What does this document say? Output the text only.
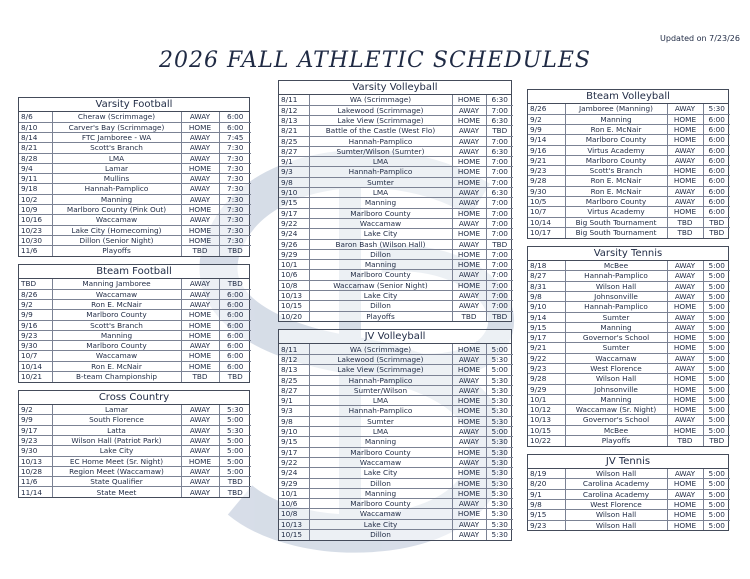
Updated on 7/23/26
2026 FALL ATHLETIC SCHEDULES
Varsity Football
8/6	Cheraw (Scrimmage)	AWAY	6:00
8/10	Carver's Bay (Scrimmage)	HOME	6:00
8/14	FTC Jamboree - WA	AWAY	7:45
8/21	Scott's Branch	AWAY	7:30
8/28	LMA	AWAY	7:30
9/4	Lamar	HOME	7:30
9/11	Mullins	AWAY	7:30
9/18	Hannah-Pamplico	AWAY	7:30
10/2	Manning	AWAY	7:30
10/9	Marlboro County (Pink Out)	HOME	7:30
10/16	Waccamaw	AWAY	7:30
10/23	Lake City (Homecoming)	HOME	7:30
10/30	Dillon (Senior Night)	HOME	7:30
11/6	Playoffs	TBD	TBD
Bteam Football
TBD	Manning Jamboree	AWAY	TBD
8/26	Waccamaw	AWAY	6:00
9/2	Ron E. McNair	AWAY	6:00
9/9	Marlboro County	HOME	6:00
9/16	Scott's Branch	HOME	6:00
9/23	Manning	HOME	6:00
9/30	Marlboro County	AWAY	6:00
10/7	Waccamaw	HOME	6:00
10/14	Ron E. McNair	HOME	6:00
10/21	B-team Championship	TBD	TBD
Cross Country
9/2	Lamar	AWAY	5:30
9/9	South Florence	AWAY	5:00
9/17	Latta	AWAY	5:30
9/23	Wilson Hall (Patriot Park)	AWAY	5:00
9/30	Lake City	AWAY	5:00
10/13	EC Home Meet (Sr. Night)	HOME	5:00
10/28	Region Meet (Waccamaw)	AWAY	5:00
11/6	State Qualifier	AWAY	TBD
11/14	State Meet	AWAY	TBD
Varsity Volleyball
8/11	WA (Scrimmage)	HOME	6:30
8/12	Lakewood (Scrimmage)	AWAY	7:00
8/13	Lake View (Scrimmage)	HOME	6:30
8/21	Battle of the Castle (West Flo)	AWAY	TBD
8/25	Hannah-Pamplico	AWAY	7:00
8/27	Sumter/Wilson (Sumter)	AWAY	6:30
9/1	LMA	HOME	7:00
9/3	Hannah-Pamplico	HOME	7:00
9/8	Sumter	HOME	7:00
9/10	LMA	AWAY	6:30
9/15	Manning	AWAY	7:00
9/17	Marlboro County	HOME	7:00
9/22	Waccamaw	AWAY	7:00
9/24	Lake City	HOME	7:00
9/26	Baron Bash (Wilson Hall)	AWAY	TBD
9/29	Dillon	HOME	7:00
10/1	Manning	HOME	7:00
10/6	Marlboro County	AWAY	7:00
10/8	Waccamaw (Senior Night)	HOME	7:00
10/13	Lake City	AWAY	7:00
10/15	Dillon	AWAY	7:00
10/20	Playoffs	TBD	TBD
JV Volleyball
8/11	WA (Scrimmage)	HOME	5:00
8/12	Lakewood (Scrimmage)	AWAY	5:30
8/13	Lake View (Scrimmage)	HOME	5:00
8/25	Hannah-Pamplico	AWAY	5:30
8/27	Sumter/Wilson	AWAY	5:30
9/1	LMA	HOME	5:30
9/3	Hannah-Pamplico	HOME	5:30
9/8	Sumter	HOME	5:30
9/10	LMA	AWAY	5:00
9/15	Manning	AWAY	5:30
9/17	Marlboro County	HOME	5:30
9/22	Waccamaw	AWAY	5:30
9/24	Lake City	HOME	5:30
9/29	Dillon	HOME	5:30
10/1	Manning	HOME	5:30
10/6	Marlboro County	AWAY	5:30
10/8	Waccamaw	HOME	5:30
10/13	Lake City	AWAY	5:30
10/15	Dillon	AWAY	5:30
Bteam Volleyball
8/26	Jamboree (Manning)	AWAY	5:30
9/2	Manning	HOME	6:00
9/9	Ron E. McNair	HOME	6:00
9/14	Marlboro County	HOME	6:00
9/16	Virtus Academy	AWAY	6:00
9/21	Marlboro County	AWAY	6:00
9/23	Scott's Branch	HOME	6:00
9/28	Ron E. McNair	HOME	6:00
9/30	Ron E. McNair	AWAY	6:00
10/5	Marlboro County	AWAY	6:00
10/7	Virtus Academy	HOME	6:00
10/14	Big South Tournament	TBD	TBD
10/17	Big South Tournament	TBD	TBD
Varsity Tennis
8/18	McBee	AWAY	5:00
8/27	Hannah-Pamplico	AWAY	5:00
8/31	Wilson Hall	AWAY	5:00
9/8	Johnsonville	AWAY	5:00
9/10	Hannah-Pamplico	HOME	5:00
9/14	Sumter	AWAY	5:00
9/15	Manning	AWAY	5:00
9/17	Governor's School	HOME	5:00
9/21	Sumter	HOME	5:00
9/22	Waccamaw	AWAY	5:00
9/23	West Florence	AWAY	5:00
9/28	Wilson Hall	HOME	5:00
9/29	Johnsonville	HOME	5:00
10/1	Manning	HOME	5:00
10/12	Waccamaw (Sr. Night)	HOME	5:00
10/13	Governor's School	AWAY	5:00
10/15	McBee	HOME	5:00
10/22	Playoffs	TBD	TBD
JV Tennis
8/19	Wilson Hall	AWAY	5:00
8/20	Carolina Academy	HOME	5:00
9/1	Carolina Academy	AWAY	5:00
9/8	West Florence	HOME	5:00
9/15	Wilson Hall	HOME	5:00
9/23	Wilson Hall	HOME	5:00
